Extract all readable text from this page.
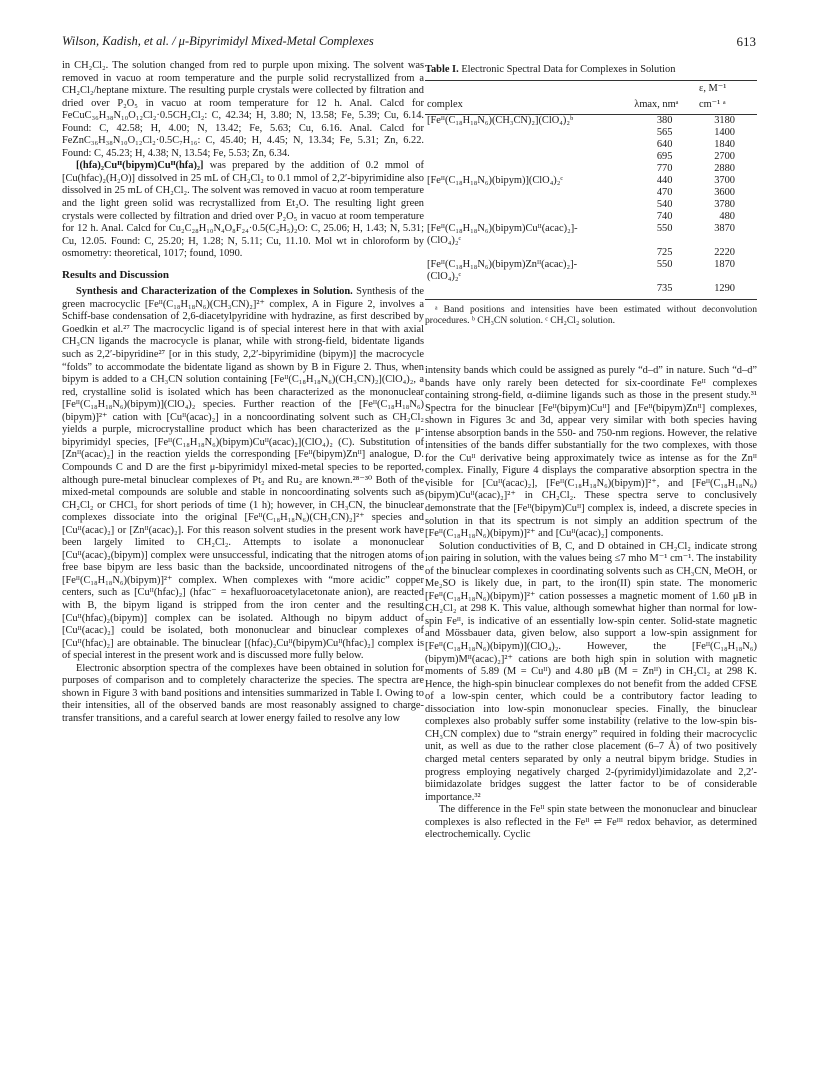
Wilson, Kadish, et al. / μ-Bipyrimidyl Mixed-Metal Complexes	613

in CH₂Cl₂. The solution changed from red to purple upon mixing. The solvent was removed in vacuo at room temperature and the purple solid recrystallized from a CH₂Cl₂/heptane mixture. The resulting purple crystals were collected by filtration and dried over P₂O₅ in vacuo at room temperature for 12 h. Anal. Calcd for FeCuC₃₆H₃₈N₁₀O₁₂Cl₂·0.5CH₂Cl₂: C, 42.34; H, 3.80; N, 13.58; Fe, 5.39; Cu, 6.14. Found: C, 42.58; H, 4.00; N, 13.42; Fe, 5.63; Cu, 6.16. Anal. Calcd for FeZnC₃₆H₃₈N₁₀O₁₂Cl₂·0.5C₇H₁₆: C, 45.40; H, 4.45; N, 13.34; Fe, 5.31; Zn, 6.22. Found: C, 45.23; H, 4.38; N, 13.54; Fe, 5.53; Zn, 6.34.

[(hfa)₂Cuᴵᴵ(bipym)Cuᴵᴵ(hfa)₂] was prepared by the addition of 0.2 mmol of [Cu(hfac)₂(H₂O)] dissolved in 25 mL of CH₂Cl₂ to 0.1 mmol of 2,2′-bipyrimidine also dissolved in 25 mL of CH₂Cl₂. The solvent was removed in vacuo at room temperature and the light green solid was recrystallized from Et₂O. The resulting light green crystals were collected by filtration and dried over P₂O₅ in vacuo at room temperature for 12 h. Anal. Calcd for Cu₂C₂₈H₁₀N₄O₈F₂₄·0.5(C₂H₅)₂O: C, 25.06; H, 1.43; N, 5.31; Cu, 12.05. Found: C, 25.20; H, 1.28; N, 5.11; Cu, 11.10. Mol wt in chloroform by osmometry: theoretical, 1017; found, 1090.

Results and Discussion

Synthesis and Characterization of the Complexes in Solution. Synthesis of the green macrocyclic [Feᴵᴵ(C₁₈H₁₈N₆)(CH₃CN)₂]²⁺ complex, A in Figure 2, involves a Schiff-base condensation of 2,6-diacetylpyridine with hydrazine, as first described by Goedkin et al.²⁷ The macrocyclic ligand is of special interest here in that with axial CH₃CN ligands the macrocycle is planar, while with strong-field, bidentate ligands such as 2,2′-bipyridine²⁷ [or in this study, 2,2′-bipyrimidine (bipym)] the macrocycle “folds” to accommodate the bidentate ligand as shown by B in Figure 2. Thus, when bipym is added to a CH₃CN solution containing [Feᴵᴵ(C₁₈H₁₈N₆)(CH₃CN)₂](ClO₄)₂, a red, crystalline solid is isolated which has been characterized as the mononuclear [Feᴵᴵ(C₁₈H₁₈N₆)(bipym)](ClO₄)₂ species. Further reaction of the [Feᴵᴵ(C₁₈H₁₈N₆)(bipym)]²⁺ cation with [Cuᴵᴵ(acac)₂] in a noncoordinating solvent such as CH₂Cl₂ yields a purple, microcrystalline product which has been characterized as the μ-bipyrimidyl species, [Feᴵᴵ(C₁₈H₁₈N₆)(bipym)Cuᴵᴵ(acac)₂](ClO₄)₂ (C). Substitution of [Znᴵᴵ(acac)₂] in the reaction yields the corresponding [Feᴵᴵ(bipym)Znᴵᴵ] analogue, D. Compounds C and D are the first μ-bipyrimidyl mixed-metal species to be reported, although pure-metal binuclear complexes of Pt₂ and Ru₂ are known.²⁸⁻³⁰ Both of the mixed-metal compounds are soluble and stable in noncoordinating solvents such as CH₂Cl₂ or CHCl₃ for short periods of time (1 h); however, in CH₃CN, the binuclear complexes dissociate into the original [Feᴵᴵ(C₁₈H₁₈N₆)(CH₃CN)₂]²⁺ species and [Cuᴵᴵ(acac)₂] or [Znᴵᴵ(acac)₂]. For this reason solvent studies in the present work have been largely limited to CH₂Cl₂. Attempts to isolate a mononuclear [Cuᴵᴵ(acac)₂(bipym)] complex were unsuccessful, indicating that the nitrogen atoms of free base bipym are less basic than the backside, uncoordinated nitrogens of the [Feᴵᴵ(C₁₈H₁₈N₆)(bipym)]²⁺ complex. When complexes with “more acidic” copper centers, such as [Cuᴵᴵ(hfac)₂] (hfac⁻ = hexafluoroacetylacetonate anion), are reacted with B, the bipym ligand is stripped from the iron center and the resulting [Cuᴵᴵ(hfac)₂(bipym)] complex can be isolated. Although no bipym adduct of [Cuᴵᴵ(acac)₂] could be isolated, both mononuclear and binuclear complexes of [Cuᴵᴵ(hfac)₂] are obtainable. The binuclear [(hfac)₂Cuᴵᴵ(bipym)Cuᴵᴵ(hfac)₂] complex is of special interest in the present work and is discussed more fully below.

Electronic absorption spectra of the complexes have been obtained in solution for purposes of comparison and to completely characterize the species. The spectra are shown in Figure 3 with band positions and intensities summarized in Table I. Owing to their intensities, all of the observed bands are most reasonably assigned to charge-transfer transitions, and a careful search at lower energy failed to resolve any low

Table I. Electronic Spectral Data for Complexes in Solution
		ε, M⁻¹
complex	λmax, nmᵃ	cm⁻¹ ᵃ
[Feᴵᴵ(C₁₈H₁₈N₆)(CH₃CN)₂](ClO₄)₂ᵇ	380	3180
	565	1400
	640	1840
	695	2700
	770	2880
[Feᴵᴵ(C₁₈H₁₈N₆)(bipym)](ClO₄)₂ᶜ	440	3700
	470	3600
	540	3780
	740	480
[Feᴵᴵ(C₁₈H₁₈N₆)(bipym)Cuᴵᴵ(acac)₂]-	550	3870
(ClO₄)₂ᶜ		
	725	2220
[Feᴵᴵ(C₁₈H₁₈N₆)(bipym)Znᴵᴵ(acac)₂]-	550	1870
(ClO₄)₂ᶜ		
	735	1290
ᵃ Band positions and intensities have been estimated without deconvolution procedures. ᵇ CH₃CN solution. ᶜ CH₂Cl₂ solution.

intensity bands which could be assigned as purely “d–d” in nature. Such “d–d” bands have only rarely been detected for six-coordinate Feᴵᴵ complexes containing strong-field, α-diimine ligands such as those in the present study.³¹ Spectra for the binuclear [Feᴵᴵ(bipym)Cuᴵᴵ] and [Feᴵᴵ(bipym)Znᴵᴵ] complexes, shown in Figures 3c and 3d, appear very similar with both species having intense absorption bands in the 550- and 750-nm regions. However, the relative intensities of the bands differ substantially for the two complexes, with those for the Cuᴵᴵ derivative being approximately twice as intense as for the Znᴵᴵ complex. Finally, Figure 4 displays the comparative absorption spectra in the visible for [Cuᴵᴵ(acac)₂], [Feᴵᴵ(C₁₈H₁₈N₆)(bipym)]²⁺, and [Feᴵᴵ(C₁₈H₁₈N₆)(bipym)Cuᴵᴵ(acac)₂]²⁺ in CH₂Cl₂. These spectra serve to conclusively demonstrate that the [Feᴵᴵ(bipym)Cuᴵᴵ] complex is, indeed, a discrete species in solution in that its spectrum is not simply an addition spectrum of the [Feᴵᴵ(C₁₈H₁₈N₆)(bipym)]²⁺ and [Cuᴵᴵ(acac)₂] components.

Solution conductivities of B, C, and D obtained in CH₂Cl₂ indicate strong ion pairing in solution, with the values being ≤7 mho M⁻¹ cm⁻¹. The instability of the binuclear complexes in coordinating solvents such as CH₃CN, MeOH, or Me₂SO is likely due, in part, to the iron(II) spin state. The monomeric [Feᴵᴵ(C₁₈H₁₈N₆)(bipym)]²⁺ cation possesses a magnetic moment of 1.60 μB in CH₂Cl₂ at 298 K. This value, although somewhat higher than normal for low-spin Feᴵᴵ, is indicative of an essentially low-spin center. Solid-state magnetic and Mössbauer data, given below, also support a low-spin assignment for [Feᴵᴵ(C₁₈H₁₈N₆)(bipym)](ClO₄)₂. However, the [Feᴵᴵ(C₁₈H₁₈N₆)(bipym)Mᴵᴵ(acac)₂]²⁺ cations are both high spin in solution with magnetic moments of 5.89 (M = Cuᴵᴵ) and 4.80 μB (M = Znᴵᴵ) in CH₂Cl₂ at 298 K. Hence, the high-spin binuclear complexes do not benefit from the added CFSE of a low-spin center, which could be a contributory factor leading to dissociation into low-spin mononuclear species. Finally, the binuclear complexes also probably suffer some instability (relative to the low-spin bis-CH₃CN complex) due to “strain energy” required in folding their macrocyclic unit, as well as due to the rather close placement (6–7 Å) of two positively charged metal centers separated by only a neutral bipym bridge. Studies in progress employing negatively charged 2-(pyrimidyl)imidazolate and 2,2′-biimidazolate bridges suggest the latter factor to be of considerable importance.³²

The difference in the Feᴵᴵ spin state between the mononuclear and binuclear complexes is also reflected in the Feᴵᴵ ⇌ Feᴵᴵᴵ redox behavior, as determined electrochemically. Cyclic
